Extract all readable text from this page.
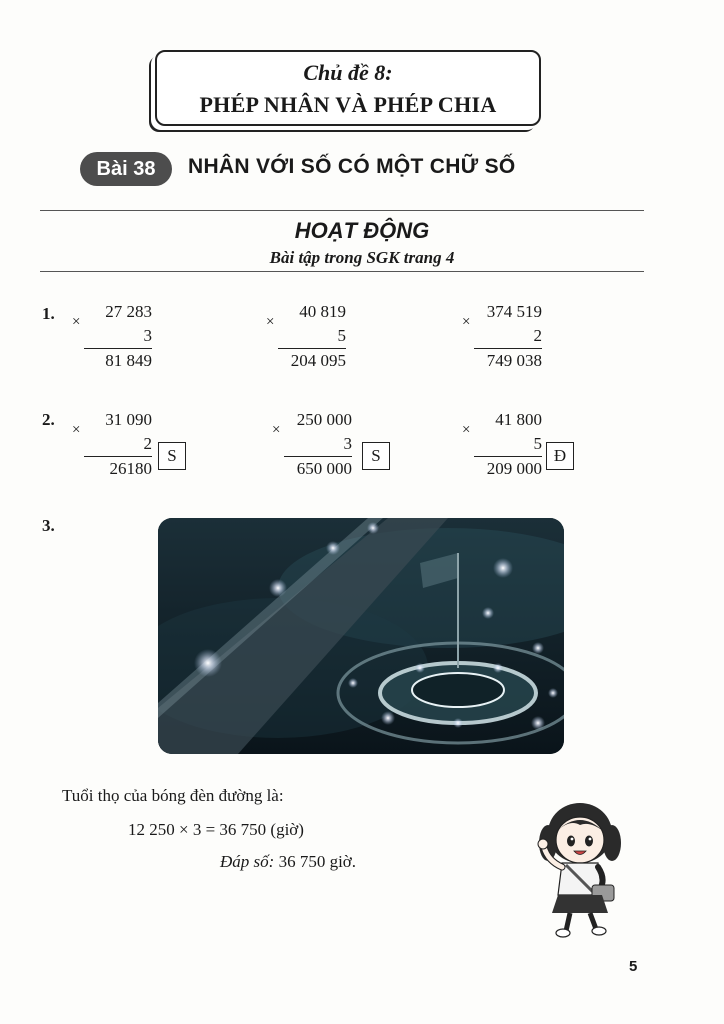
Chủ đề 8:
PHÉP NHÂN VÀ PHÉP CHIA
Bài 38	NHÂN VỚI SỐ CÓ MỘT CHỮ SỐ
HOẠT ĐỘNG
Bài tập trong SGK trang 4
1.	27 283
×
3
81 849
40 819
×
5
204 095
374 519
×
2
749 038
2.	31 090
×
2
26180
S
250 000
×
3
650 000
S
41 800
×
5
209 000
Đ
3.
Tuổi thọ của bóng đèn đường là:
12 250 × 3 = 36 750 (giờ)
Đáp số: 36 750 giờ.
5
